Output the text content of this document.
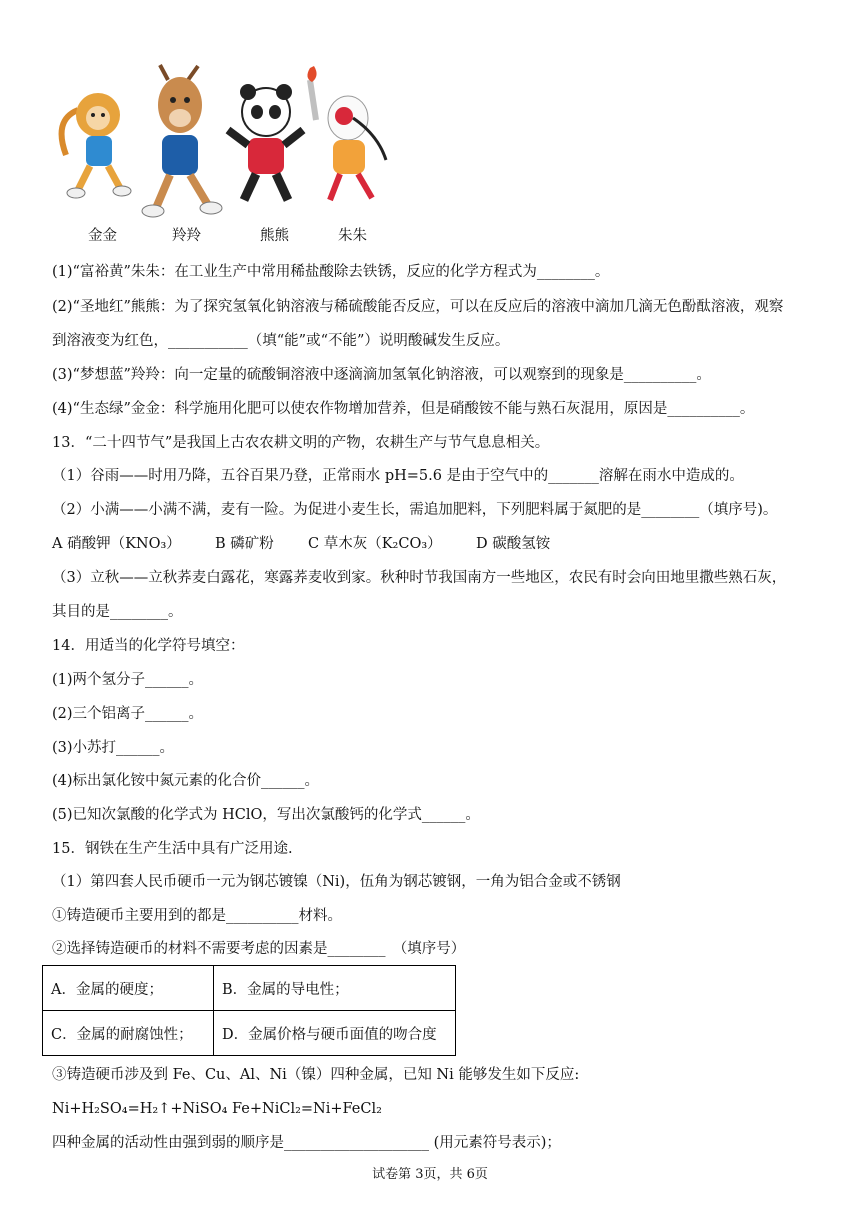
金金	羚羚	熊熊	朱朱
(1)“富裕黄”朱朱：在工业生产中常用稀盐酸除去铁锈，反应的化学方程式为________。
(2)“圣地红”熊熊：为了探究氢氧化钠溶液与稀硫酸能否反应，可以在反应后的溶液中滴加几滴无色酚酞溶液，观察
到溶液变为红色，___________（填“能”或“不能”）说明酸碱发生反应。
(3)“梦想蓝”羚羚：向一定量的硫酸铜溶液中逐滴滴加氢氧化钠溶液，可以观察到的现象是__________。
(4)“生态绿”金金：科学施用化肥可以使农作物增加营养，但是硝酸铵不能与熟石灰混用，原因是__________。
13．“二十四节气”是我国上古农农耕文明的产物，农耕生产与节气息息相关。
（1）谷雨——时用乃降，五谷百果乃登，正常雨水 pH=5.6 是由于空气中的_______溶解在雨水中造成的。
（2）小满——小满不满，麦有一险。为促进小麦生长，需追加肥料，下列肥料属于氮肥的是________（填序号)。
A 硝酸钾（KNO₃） B 磷矿粉 C 草木灰（K₂CO₃） D 碳酸氢铵
（3）立秋——立秋荞麦白露花，寒露荞麦收到家。秋种时节我国南方一些地区，农民有时会向田地里撒些熟石灰，
其目的是________。
14．用适当的化学符号填空：
(1)两个氢分子______。
(2)三个铝离子______。
(3)小苏打______。
(4)标出氯化铵中氮元素的化合价______。
(5)已知次氯酸的化学式为 HClO，写出次氯酸钙的化学式______。
15．钢铁在生产生活中具有广泛用途.
（1）第四套人民币硬币一元为钢芯镀镍（Ni)，伍角为钢芯镀钢，一角为铝合金或不锈钢
①铸造硬币主要用到的都是__________材料。
②选择铸造硬币的材料不需要考虑的因素是________　（填序号）
A．金属的硬度；	B．金属的导电性；
C．金属的耐腐蚀性；	D．金属价格与硬币面值的吻合度
③铸造硬币涉及到 Fe、Cu、Al、Ni（镍）四种金属，已知 Ni 能够发生如下反应:
Ni+H₂SO₄=H₂↑+NiSO₄ Fe+NiCl₂=Ni+FeCl₂
四种金属的活动性由强到弱的顺序是____________________ (用元素符号表示)；
试卷第 3页，共 6页
